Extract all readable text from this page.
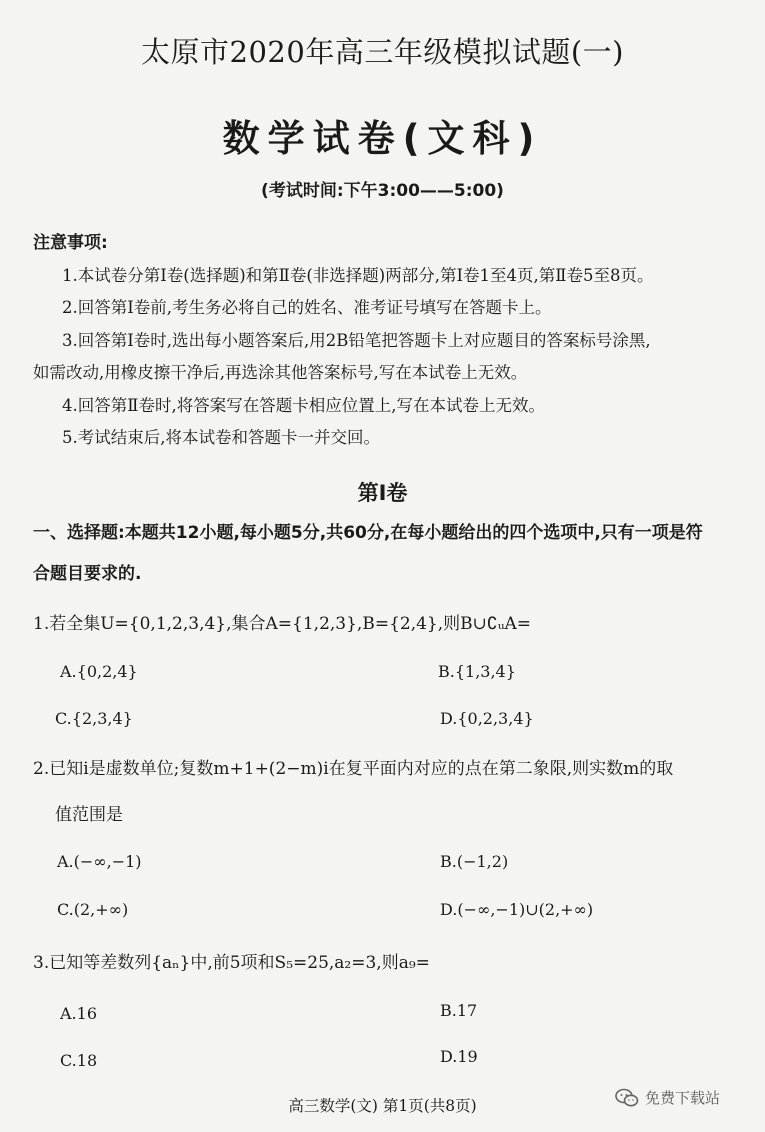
太原市2020年高三年级模拟试题(一)
数学试卷(文科)
(考试时间:下午3:00——5:00)
注意事项:
1.本试卷分第Ⅰ卷(选择题)和第Ⅱ卷(非选择题)两部分,第Ⅰ卷1至4页,第Ⅱ卷5至8页。
2.回答第Ⅰ卷前,考生务必将自己的姓名、准考证号填写在答题卡上。
3.回答第Ⅰ卷时,选出每小题答案后,用2B铅笔把答题卡上对应题目的答案标号涂黑,
如需改动,用橡皮擦干净后,再选涂其他答案标号,写在本试卷上无效。
4.回答第Ⅱ卷时,将答案写在答题卡相应位置上,写在本试卷上无效。
5.考试结束后,将本试卷和答题卡一并交回。
第Ⅰ卷
一、选择题:本题共12小题,每小题5分,共60分,在每小题给出的四个选项中,只有一项是符
合题目要求的.
1.若全集U={0,1,2,3,4},集合A={1,2,3},B={2,4},则B∪∁ᵤA=
A.{0,2,4}	B.{1,3,4}
C.{2,3,4}	D.{0,2,3,4}
2.已知i是虚数单位;复数m+1+(2−m)i在复平面内对应的点在第二象限,则实数m的取
值范围是
A.(−∞,−1)	B.(−1,2)
C.(2,+∞)	D.(−∞,−1)∪(2,+∞)
3.已知等差数列{aₙ}中,前5项和S₅=25,a₂=3,则a₉=
A.16	B.17
C.18	D.19
高三数学(文) 第1页(共8页)	免费下载站
